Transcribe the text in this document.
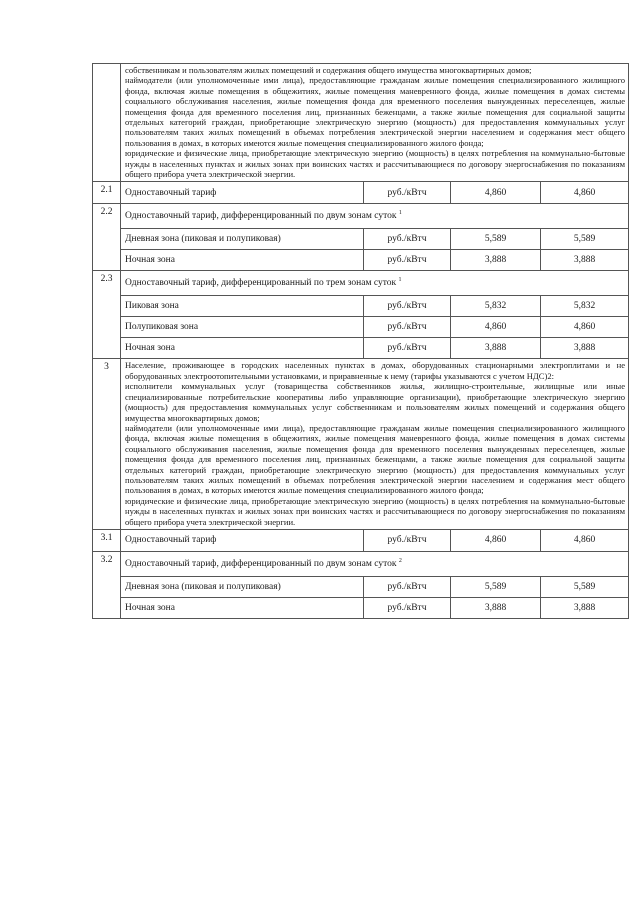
	собственникам и пользователям жилых помещений и содержания общего имущества многоквартирных домов;

наймодатели (или уполномоченные ими лица), предоставляющие гражданам жилые помещения специализированного жилищного фонда, включая жилые помещения в общежитиях, жилые помещения маневренного фонда, жилые помещения в домах системы социального обслуживания населения, жилые помещения фонда для временного поселения вынужденных переселенцев, жилые помещения фонда для временного поселения лиц, признанных беженцами, а также жилые помещения для социальной защиты отдельных категорий граждан, приобретающие электрическую энергию (мощность) для предоставления коммунальных услуг пользователям таких жилых помещений в объемах потребления электрической энергии населением и содержания мест общего пользования в домах, в которых имеются жилые помещения специализированного жилого фонда;

юридические и физические лица, приобретающие электрическую энергию (мощность) в целях потребления на коммунально-бытовые нужды в населенных пунктах и жилых зонах при воинских частях и рассчитывающиеся по договору энергоснабжения по показаниям общего прибора учета электрической энергии.			

2.1	Одноставочный тариф	руб./кВтч	4,860	4,860

2.2	Одноставочный тариф, дифференцированный по двум зонам суток $^1$
	Дневная зона (пиковая и полупиковая)	руб./кВтч	5,589	5,589
	Ночная зона	руб./кВтч	3,888	3,888

2.3	Одноставочный тариф, дифференцированный по трем зонам суток $^1$
	Пиковая зона	руб./кВтч	5,832	5,832
	Полупиковая зона	руб./кВтч	4,860	4,860
	Ночная зона	руб./кВтч	3,888	3,888

3	Население, проживающее в городских населенных пунктах в домах, оборудованных стационарными электроплитами и не оборудованных электроотопительными установками, и приравненные к нему (тарифы указываются с учетом НДС)2:

исполнители коммунальных услуг (товарищества собственников жилья, жилищно-строительные, жилищные или иные специализированные потребительские кооперативы либо управляющие организации), приобретающие электрическую энергию (мощность) для предоставления коммунальных услуг собственникам и пользователям жилых помещений и содержания общего имущества многоквартирных домов;

наймодатели (или уполномоченные ими лица), предоставляющие гражданам жилые помещения специализированного жилищного фонда, включая жилые помещения в общежитиях, жилые помещения маневренного фонда, жилые помещения в домах системы социального обслуживания населения, жилые помещения фонда для временного поселения вынужденных переселенцев, жилые помещения фонда для временного поселения лиц, признанных беженцами, а также жилые помещения для социальной защиты отдельных категорий граждан, приобретающие электрическую энергию (мощность) для предоставления коммунальных услуг пользователям таких жилых помещений в объемах потребления электрической энергии населением и содержания мест общего пользования в домах, в которых имеются жилые помещения специализированного жилого фонда;

юридические и физические лица, приобретающие электрическую энергию (мощность) в целях потребления на коммунально-бытовые нужды в населенных пунктах и жилых зонах при воинских частях и рассчитывающиеся по договору энергоснабжения по показаниям общего прибора учета электрической энергии.			

3.1	Одноставочный тариф	руб./кВтч	4,860	4,860

3.2	Одноставочный тариф, дифференцированный по двум зонам суток $^2$
	Дневная зона (пиковая и полупиковая)	руб./кВтч	5,589	5,589
	Ночная зона	руб./кВтч	3,888	3,888
